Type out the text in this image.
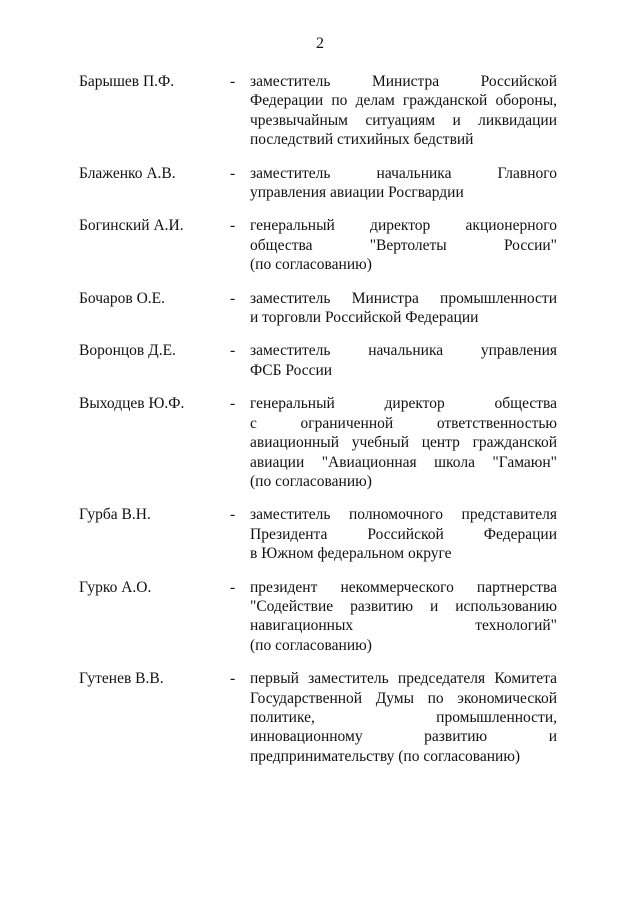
2
Барышев П.Ф.	- заместитель Министра Российской
Федерации по делам гражданской обороны,
чрезвычайным ситуациям и ликвидации
последствий стихийных бедствий
Блаженко А.В.	- заместитель начальника Главного
управления авиации Росгвардии
Богинский А.И.	- генеральный директор акционерного
общества "Вертолеты России"
(по согласованию)
Бочаров О.Е.	- заместитель Министра промышленности
и торговли Российской Федерации
Воронцов Д.Е.	- заместитель начальника управления
ФСБ России
Выходцев Ю.Ф.	- генеральный директор общества
с ограниченной ответственностью
авиационный учебный центр гражданской
авиации "Авиационная школа "Гамаюн"
(по согласованию)
Гурба В.Н.	- заместитель полномочного представителя
Президента Российской Федерации
в Южном федеральном округе
Гурко А.О.	- президент некоммерческого партнерства
"Содействие развитию и использованию
навигационных технологий"
(по согласованию)
Гутенев В.В.	- первый заместитель председателя Комитета
Государственной Думы по экономической
политике, промышленности,
инновационному развитию и
предпринимательству (по согласованию)
